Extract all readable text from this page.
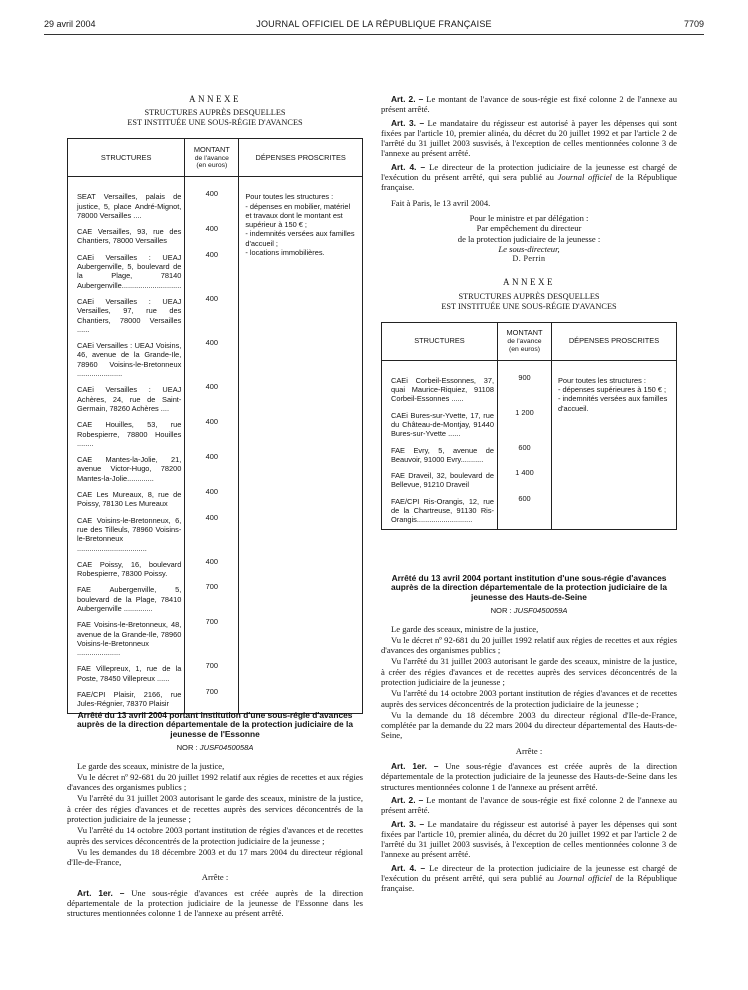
29 avril 2004	JOURNAL OFFICIEL DE LA RÉPUBLIQUE FRANÇAISE	7709
ANNEXE
STRUCTURES AUPRÈS DESQUELLES
EST INSTITUÉE UNE SOUS-RÉGIE D'AVANCES
STRUCTURES	MONTANT
de l'avance
(en euros)	DÉPENSES PROSCRITES

SEAT Versailles, palais de justice, 5, place André-Mignot, 78000 Versailles ....	400	Pour toutes les structures :
- dépenses en mobilier, matériel et travaux dont le montant est supérieur à 150 € ;
- indemnités versées aux familles d'accueil ;
- locations immobilières.

CAE Versailles, 93, rue des Chantiers, 78000 Versailles	400	
CAEi Versailles : UEAJ Aubergenville, 5, boulevard de la Plage, 78140 Aubergenville.............................	400	
CAEi Versailles : UEAJ Versailles, 97, rue des Chantiers, 78000 Versailles ......	400	
CAEi Versailles : UEAJ Voisins, 46, avenue de la Grande-Ile, 78960 Voisins-le-Bretonneux ......................	400	
CAEi Versailles : UEAJ Achères, 24, rue de Saint-Germain, 78260 Achères ....	400	
CAE Houilles, 53, rue Robespierre, 78800 Houilles ........	400	
CAE Mantes-la-Jolie, 21, avenue Victor-Hugo, 78200 Mantes-la-Jolie.............	400	
CAE Les Mureaux, 8, rue de Poissy, 78130 Les Mureaux	400	
CAE Voisins-le-Bretonneux, 6, rue des Tilleuls, 78960 Voisins-le-Bretonneux ..................................	400	
CAE Poissy, 16, boulevard Robespierre, 78300 Poissy.	400	
FAE Aubergenville, 5, boulevard de la Plage, 78410 Aubergenville ..............	700	
FAE Voisins-le-Bretonneux, 48, avenue de la Grande-Ile, 78960 Voisins-le-Bretonneux .....................	700	
FAE Villepreux, 1, rue de la Poste, 78450 Villepreux ......	700	
FAE/CPI Plaisir, 2166, rue Jules-Régnier, 78370 Plaisir	700	
Arrêté du 13 avril 2004 portant institution d'une sous-régie d'avances auprès de la direction départementale de la protection judiciaire de la jeunesse de l'Essonne
NOR : JUSF0450058A

Le garde des sceaux, ministre de la justice,

Vu le décret nº 92-681 du 20 juillet 1992 relatif aux régies de recettes et aux régies d'avances des organismes publics ;

Vu l'arrêté du 31 juillet 2003 autorisant le garde des sceaux, ministre de la justice, à créer des régies d'avances et de recettes auprès des services déconcentrés de la protection judiciaire de la jeunesse ;

Vu l'arrêté du 14 octobre 2003 portant institution de régies d'avances et de recettes auprès des services déconcentrés de la protection judiciaire de la jeunesse ;

Vu les demandes du 18 décembre 2003 et du 17 mars 2004 du directeur régional d'Ile-de-France,

Arrête :

Art. 1er. – Une sous-régie d'avances est créée auprès de la direction départementale de la protection judiciaire de la jeunesse de l'Essonne dans les structures mentionnées colonne 1 de l'annexe au présent arrêté.

Art. 2. – Le montant de l'avance de sous-régie est fixé colonne 2 de l'annexe au présent arrêté.

Art. 3. – Le mandataire du régisseur est autorisé à payer les dépenses qui sont fixées par l'article 10, premier alinéa, du décret du 20 juillet 1992 et par l'article 2 de l'arrêté du 31 juillet 2003 susvisés, à l'exception de celles mentionnées colonne 3 de l'annexe au présent arrêté.

Art. 4. – Le directeur de la protection judiciaire de la jeunesse est chargé de l'exécution du présent arrêté, qui sera publié au Journal officiel de la République française.

Fait à Paris, le 13 avril 2004.

Pour le ministre et par délégation :
Par empêchement du directeur
de la protection judiciaire de la jeunesse :
Le sous-directeur,
D. Perrin
ANNEXE
STRUCTURES AUPRÈS DESQUELLES
EST INSTITUÉE UNE SOUS-RÉGIE D'AVANCES
STRUCTURES	MONTANT
de l'avance
(en euros)	DÉPENSES PROSCRITES

CAEi Corbeil-Essonnes, 37, quai Maurice-Riquiez, 91108 Corbeil-Essonnes ......	900	Pour toutes les structures :
- dépenses supérieures à 150 € ;
- indemnités versées aux familles d'accueil.

CAEi Bures-sur-Yvette, 17, rue du Château-de-Montjay, 91440 Bures-sur-Yvette ......	1 200	
FAE Evry, 5, avenue de Beauvoir, 91000 Evry...........	600	
FAE Draveil, 32, boulevard de Bellevue, 91210 Draveil	1 400	
FAE/CPI Ris-Orangis, 12, rue de la Chartreuse, 91130 Ris-Orangis...........................	600	
Arrêté du 13 avril 2004 portant institution d'une sous-régie d'avances auprès de la direction départementale de la protection judiciaire de la jeunesse des Hauts-de-Seine
NOR : JUSF0450059A

Le garde des sceaux, ministre de la justice,

Vu le décret nº 92-681 du 20 juillet 1992 relatif aux régies de recettes et aux régies d'avances des organismes publics ;

Vu l'arrêté du 31 juillet 2003 autorisant le garde des sceaux, ministre de la justice, à créer des régies d'avances et de recettes auprès des services déconcentrés de la protection judiciaire de la jeunesse ;

Vu l'arrêté du 14 octobre 2003 portant institution de régies d'avances et de recettes auprès des services déconcentrés de la protection judiciaire de la jeunesse ;

Vu la demande du 18 décembre 2003 du directeur régional d'Ile-de-France, complétée par la demande du 22 mars 2004 du directeur départemental des Hauts-de-Seine,

Arrête :

Art. 1er. – Une sous-régie d'avances est créée auprès de la direction départementale de la protection judiciaire de la jeunesse des Hauts-de-Seine dans les structures mentionnées colonne 1 de l'annexe au présent arrêté.

Art. 2. – Le montant de l'avance de sous-régie est fixé colonne 2 de l'annexe au présent arrêté.

Art. 3. – Le mandataire du régisseur est autorisé à payer les dépenses qui sont fixées par l'article 10, premier alinéa, du décret du 20 juillet 1992 et par l'article 2 de l'arrêté du 31 juillet 2003 susvisés, à l'exception de celles mentionnées colonne 3 de l'annexe au présent arrêté.

Art. 4. – Le directeur de la protection judiciaire de la jeunesse est chargé de l'exécution du présent arrêté, qui sera publié au Journal officiel de la République française.
